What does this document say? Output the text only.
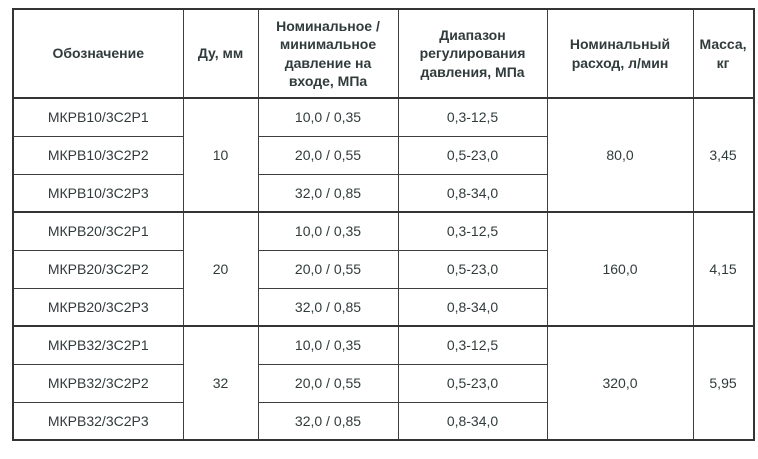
Обозначение	Ду, мм	Номинальное / минимальное давление на входе, МПа	Диапазон регулирования давления, МПа	Номинальный расход, л/мин	Масса, кг
МКРВ10/3С2Р1	10	10,0 / 0,35	0,3-12,5	80,0	3,45
МКРВ10/3С2Р2		20,0 / 0,55	0,5-23,0		
МКРВ10/3С2Р3		32,0 / 0,85	0,8-34,0		
МКРВ20/3С2Р1	20	10,0 / 0,35	0,3-12,5	160,0	4,15
МКРВ20/3С2Р2		20,0 / 0,55	0,5-23,0		
МКРВ20/3С2Р3		32,0 / 0,85	0,8-34,0		
МКРВ32/3С2Р1	32	10,0 / 0,35	0,3-12,5	320,0	5,95
МКРВ32/3С2Р2		20,0 / 0,55	0,5-23,0		
МКРВ32/3С2Р3		32,0 / 0,85	0,8-34,0		
